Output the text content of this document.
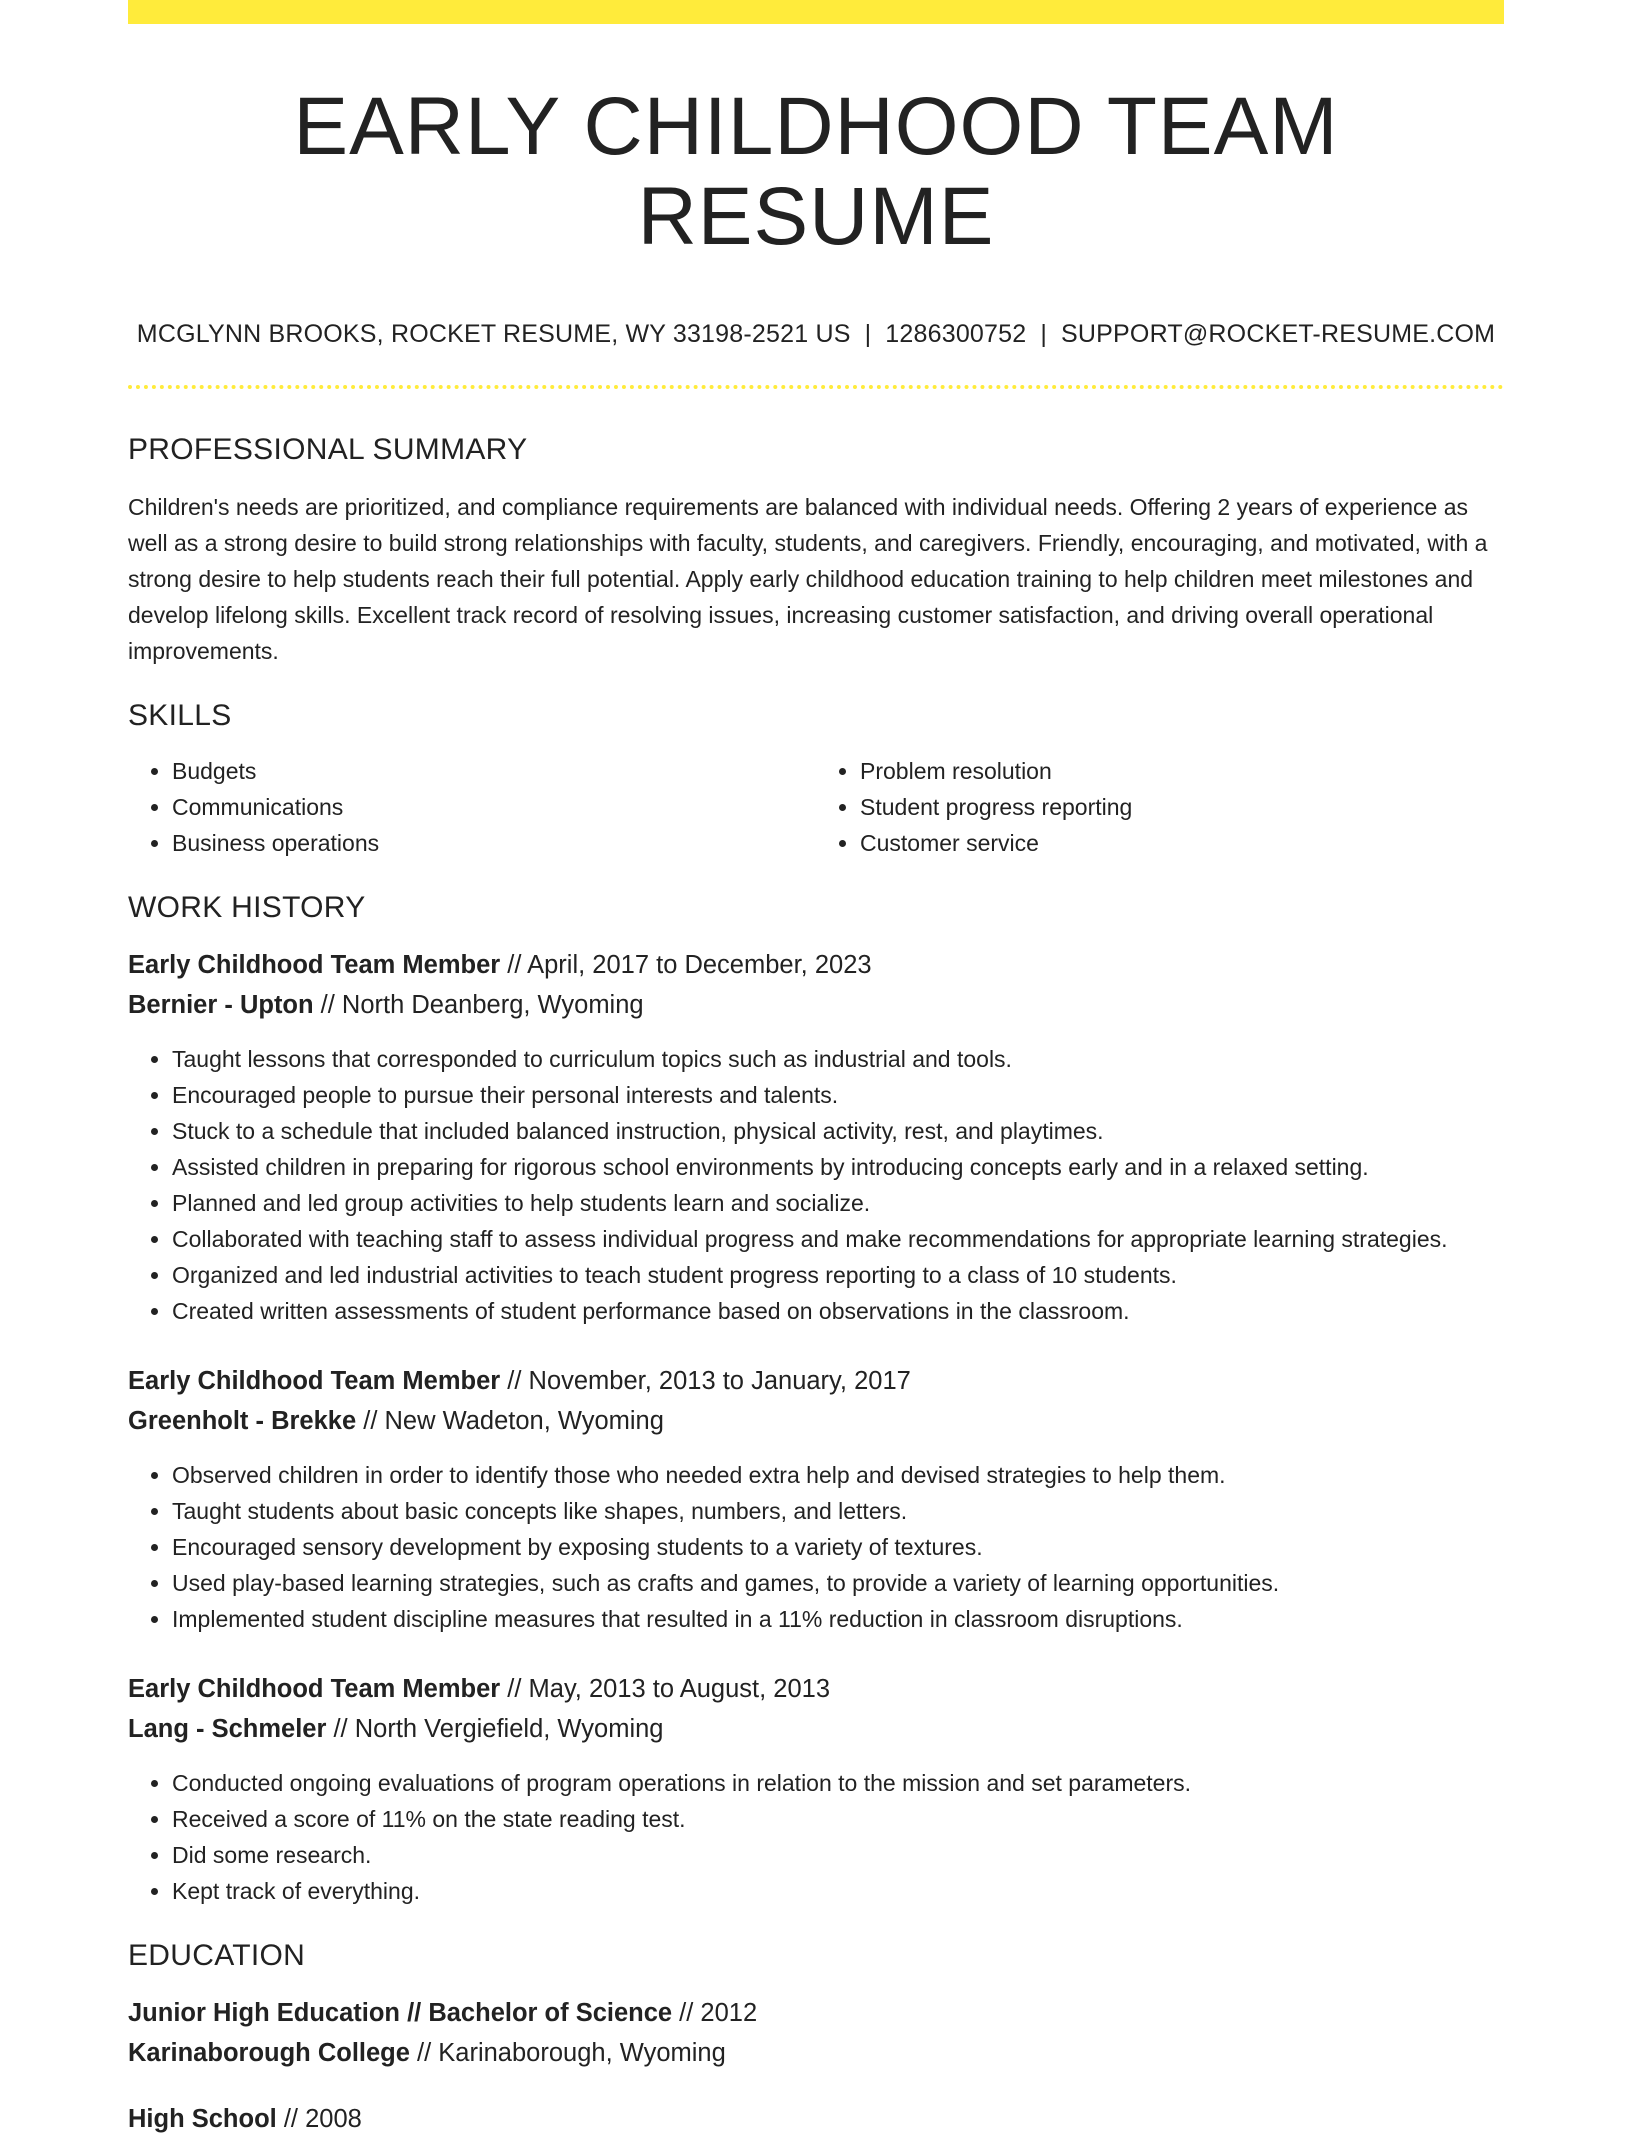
EARLY CHILDHOOD TEAM RESUME
MCGLYNN BROOKS, ROCKET RESUME, WY 33198-2521 US | 1286300752 | SUPPORT@ROCKET-RESUME.COM
PROFESSIONAL SUMMARY

Children's needs are prioritized, and compliance requirements are balanced with individual needs. Offering 2 years of experience as well as a strong desire to build strong relationships with faculty, students, and caregivers. Friendly, encouraging, and motivated, with a strong desire to help students reach their full potential. Apply early childhood education training to help children meet milestones and develop lifelong skills. Excellent track record of resolving issues, increasing customer satisfaction, and driving overall operational improvements.

SKILLS
• Budgets
• Communications
• Business operations
• Problem resolution
• Student progress reporting
• Customer service
WORK HISTORY

Early Childhood Team Member // April, 2017 to December, 2023

Bernier - Upton // North Deanberg, Wyoming

• Taught lessons that corresponded to curriculum topics such as industrial and tools.
• Encouraged people to pursue their personal interests and talents.
• Stuck to a schedule that included balanced instruction, physical activity, rest, and playtimes.
• Assisted children in preparing for rigorous school environments by introducing concepts early and in a relaxed setting.
• Planned and led group activities to help students learn and socialize.
• Collaborated with teaching staff to assess individual progress and make recommendations for appropriate learning strategies.
• Organized and led industrial activities to teach student progress reporting to a class of 10 students.
• Created written assessments of student performance based on observations in the classroom.

Early Childhood Team Member // November, 2013 to January, 2017

Greenholt - Brekke // New Wadeton, Wyoming

• Observed children in order to identify those who needed extra help and devised strategies to help them.
• Taught students about basic concepts like shapes, numbers, and letters.
• Encouraged sensory development by exposing students to a variety of textures.
• Used play-based learning strategies, such as crafts and games, to provide a variety of learning opportunities.
• Implemented student discipline measures that resulted in a 11% reduction in classroom disruptions.

Early Childhood Team Member // May, 2013 to August, 2013

Lang - Schmeler // North Vergiefield, Wyoming

• Conducted ongoing evaluations of program operations in relation to the mission and set parameters.
• Received a score of 11% on the state reading test.
• Did some research.
• Kept track of everything.
EDUCATION

Junior High Education // Bachelor of Science // 2012

Karinaborough College // Karinaborough, Wyoming

High School // 2008
